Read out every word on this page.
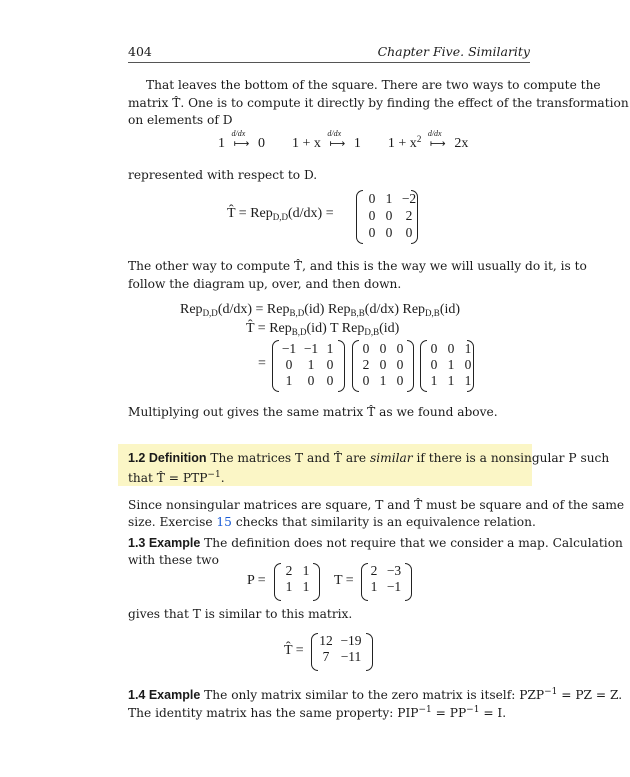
404	Chapter Five. Similarity
That leaves the bottom of the square. There are two ways to compute the
matrix T̂. One is to compute it directly by finding the effect of the transformation
on elements of D
1
d/dx
⟼ 0 1 + x
d/dx
⟼ 1 $1 + x^2$
d/dx
⟼ 2x
represented with respect to D.
T̂ = Rep$_{D,D}$(d/dx) =
0 1 −2
0 0 2
0 0 0
The other way to compute T̂, and this is the way we will usually do it, is to
follow the diagram up, over, and then down.
Rep$_{D,D}$(d/dx) = Rep$_{B,D}$(id) Rep$_{B,B}$(d/dx) Rep$_{D,B}$(id)
T̂ = Rep$_{B,D}$(id) T Rep$_{D,B}$(id)
=
−1 −1 1
0	1 0
1	0 0
0 0 0
2 0 0
0 1 0
0 0 1
0 1 0
1 1 1
Multiplying out gives the same matrix T̂ as we found above.
1.2 Definition The matrices T and T̂ are similar if there is a nonsingular P such
that T̂ = $PTP^{-1}$.
Since nonsingular matrices are square, T and T̂ must be square and of the same
size. Exercise 15 checks that similarity is an equivalence relation.
1.3 Example The definition does not require that we consider a map. Calculation
with these two
P =
2 1
1 1	T =
2 −3
1 −1
gives that T is similar to this matrix.
T̂ =
12 −19
7 −11
1.4 Example The only matrix similar to the zero matrix is itself: $PZP^{-1}$ = PZ = Z.
The identity matrix has the same property: $PIP^{-1} = PP^{-1} = I$.
